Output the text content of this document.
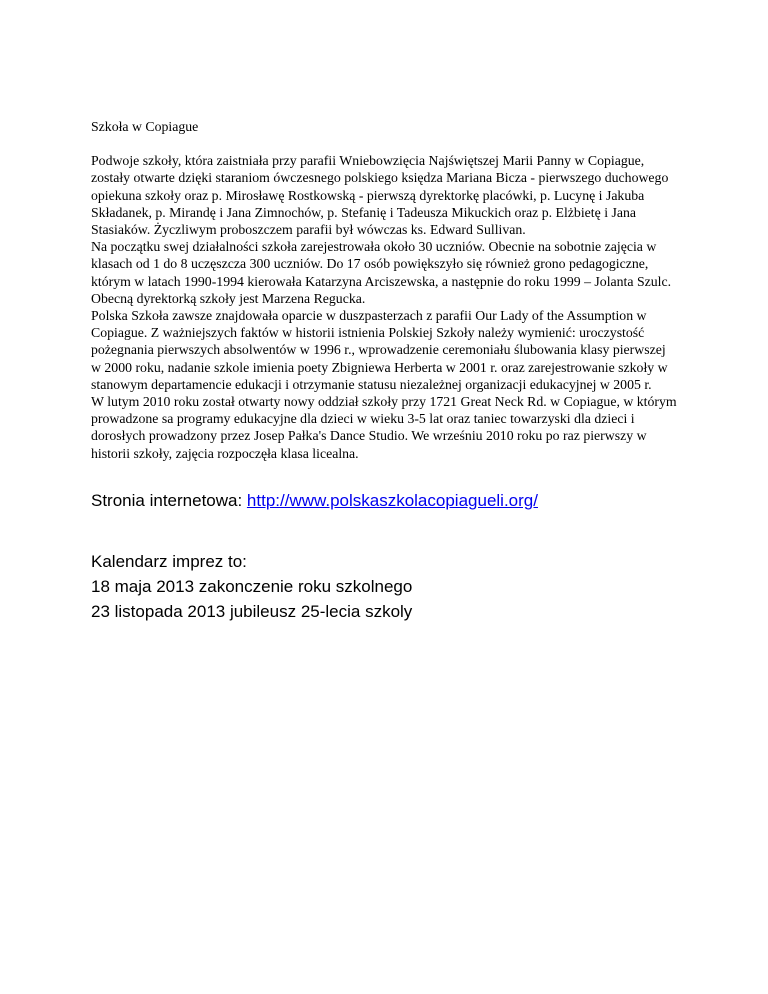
Szkoła w Copiague

Podwoje szkoły, która zaistniała przy parafii Wniebowzięcia Najświętszej Marii Panny w Copiague, zostały otwarte dzięki staraniom ówczesnego polskiego księdza Mariana Bicza - pierwszego duchowego opiekuna szkoły oraz p. Mirosławę Rostkowską - pierwszą dyrektorkę placówki, p. Lucynę i Jakuba Składanek, p. Mirandę i Jana Zimnochów, p. Stefanię i Tadeusza Mikuckich oraz p. Elżbietę i Jana Stasiaków. Życzliwym proboszczem parafii był wówczas ks. Edward Sullivan.

Na początku swej działalności szkoła zarejestrowała około 30 uczniów. Obecnie na sobotnie zajęcia w klasach od 1 do 8 uczęszcza 300 uczniów. Do 17 osób powiększyło się również grono pedagogiczne, którym w latach 1990-1994 kierowała Katarzyna Arciszewska, a następnie do roku 1999 – Jolanta Szulc. Obecną dyrektorką szkoły jest Marzena Regucka.

Polska Szkoła zawsze znajdowała oparcie w duszpasterzach z parafii Our Lady of the Assumption w Copiague. Z ważniejszych faktów w historii istnienia Polskiej Szkoły należy wymienić: uroczystość pożegnania pierwszych absolwentów w 1996 r., wprowadzenie ceremoniału ślubowania klasy pierwszej w 2000 roku, nadanie szkole imienia poety Zbigniewa Herberta w 2001 r. oraz zarejestrowanie szkoły w stanowym departamencie edukacji i otrzymanie statusu niezależnej organizacji edukacyjnej w 2005 r.

W lutym 2010 roku został otwarty nowy oddział szkoły przy 1721 Great Neck Rd. w Copiague, w którym prowadzone sa programy edukacyjne dla dzieci w wieku 3-5 lat oraz taniec towarzyski dla dzieci i dorosłych prowadzony przez Josep Pałka's Dance Studio. We wrześniu 2010 roku po raz pierwszy w historii szkoły, zajęcia rozpoczęła klasa licealna.

Stronia internetowa: http://www.polskaszkolacopiagueli.org/
Kalendarz imprez to:
18 maja 2013 zakonczenie roku szkolnego
23 listopada 2013 jubileusz 25-lecia szkoly
